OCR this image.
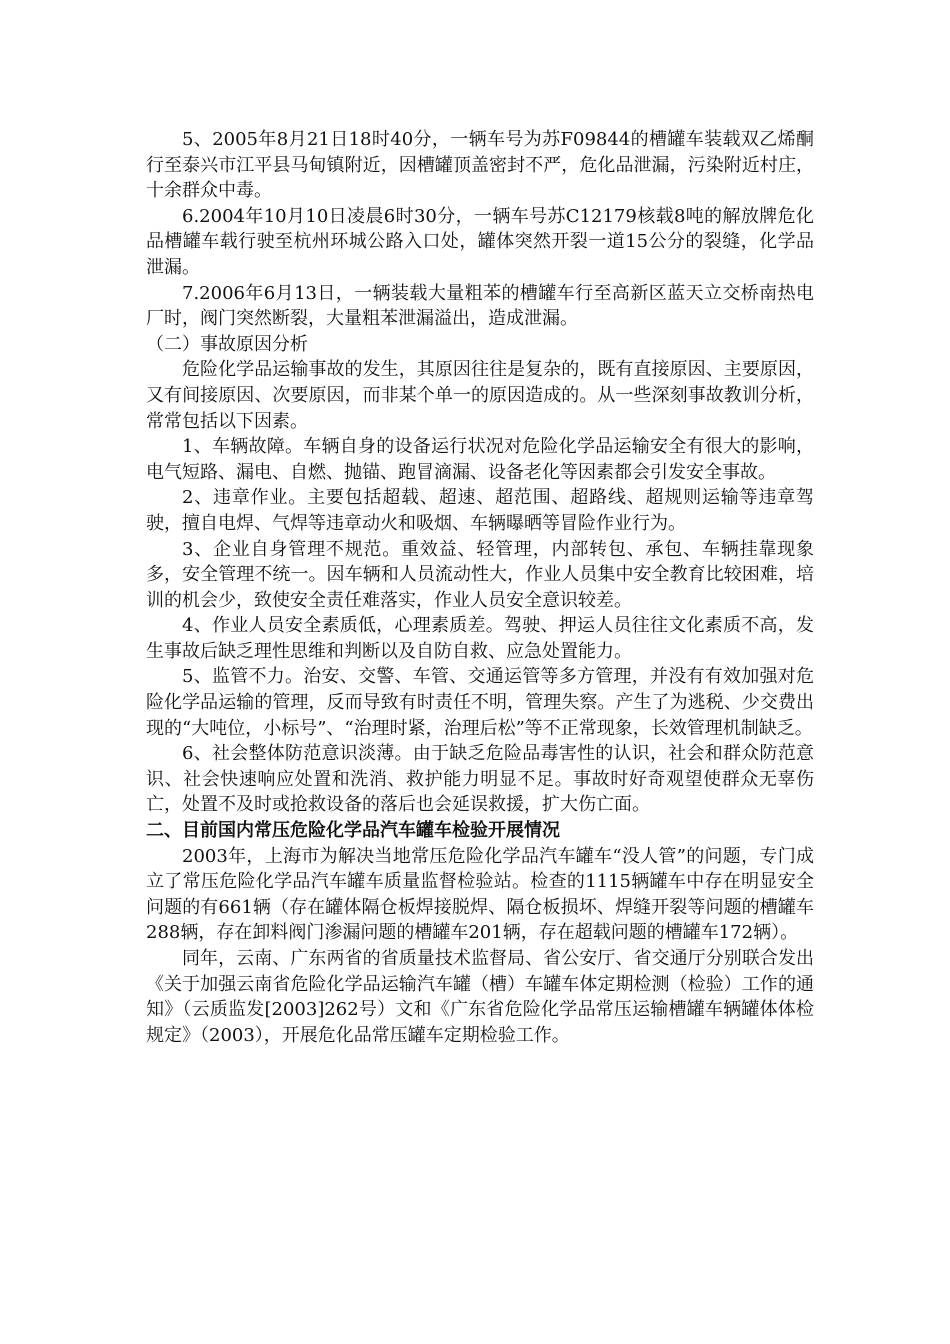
5、2005年8月21日18时40分，一辆车号为苏F09844的槽罐车装载双乙烯酮行至泰兴市江平县马甸镇附近，因槽罐顶盖密封不严，危化品泄漏，污染附近村庄，十余群众中毒。

6.2004年10月10日凌晨6时30分，一辆车号苏C12179核载8吨的解放牌危化品槽罐车载行驶至杭州环城公路入口处，罐体突然开裂一道15公分的裂缝，化学品泄漏。

7.2006年6月13日，一辆装载大量粗苯的槽罐车行至高新区蓝天立交桥南热电厂时，阀门突然断裂，大量粗苯泄漏溢出，造成泄漏。

（二）事故原因分析

危险化学品运输事故的发生，其原因往往是复杂的，既有直接原因、主要原因，又有间接原因、次要原因，而非某个单一的原因造成的。从一些深刻事故教训分析，常常包括以下因素。

1、车辆故障。车辆自身的设备运行状况对危险化学品运输安全有很大的影响，电气短路、漏电、自燃、抛锚、跑冒滴漏、设备老化等因素都会引发安全事故。

2、违章作业。主要包括超载、超速、超范围、超路线、超规则运输等违章驾驶，擅自电焊、气焊等违章动火和吸烟、车辆曝晒等冒险作业行为。

3、企业自身管理不规范。重效益、轻管理，内部转包、承包、车辆挂靠现象多，安全管理不统一。因车辆和人员流动性大，作业人员集中安全教育比较困难，培训的机会少，致使安全责任难落实，作业人员安全意识较差。

4、作业人员安全素质低，心理素质差。驾驶、押运人员往往文化素质不高，发生事故后缺乏理性思维和判断以及自防自救、应急处置能力。

5、监管不力。治安、交警、车管、交通运管等多方管理，并没有有效加强对危险化学品运输的管理，反而导致有时责任不明，管理失察。产生了为逃税、少交费出现的“大吨位，小标号”、“治理时紧，治理后松”等不正常现象，长效管理机制缺乏。

6、社会整体防范意识淡薄。由于缺乏危险品毒害性的认识，社会和群众防范意识、社会快速响应处置和洗消、救护能力明显不足。事故时好奇观望使群众无辜伤亡，处置不及时或抢救设备的落后也会延误救援，扩大伤亡面。

二、目前国内常压危险化学品汽车罐车检验开展情况

2003年，上海市为解决当地常压危险化学品汽车罐车“没人管”的问题，专门成立了常压危险化学品汽车罐车质量监督检验站。检查的1115辆罐车中存在明显安全问题的有661辆（存在罐体隔仓板焊接脱焊、隔仓板损坏、焊缝开裂等问题的槽罐车288辆，存在卸料阀门渗漏问题的槽罐车201辆，存在超载问题的槽罐车172辆）。

同年，云南、广东两省的省质量技术监督局、省公安厅、省交通厅分别联合发出《关于加强云南省危险化学品运输汽车罐（槽）车罐车体定期检测（检验）工作的通知》（云质监发[2003]262号）文和《广东省危险化学品常压运输槽罐车辆罐体体检规定》（2003），开展危化品常压罐车定期检验工作。
